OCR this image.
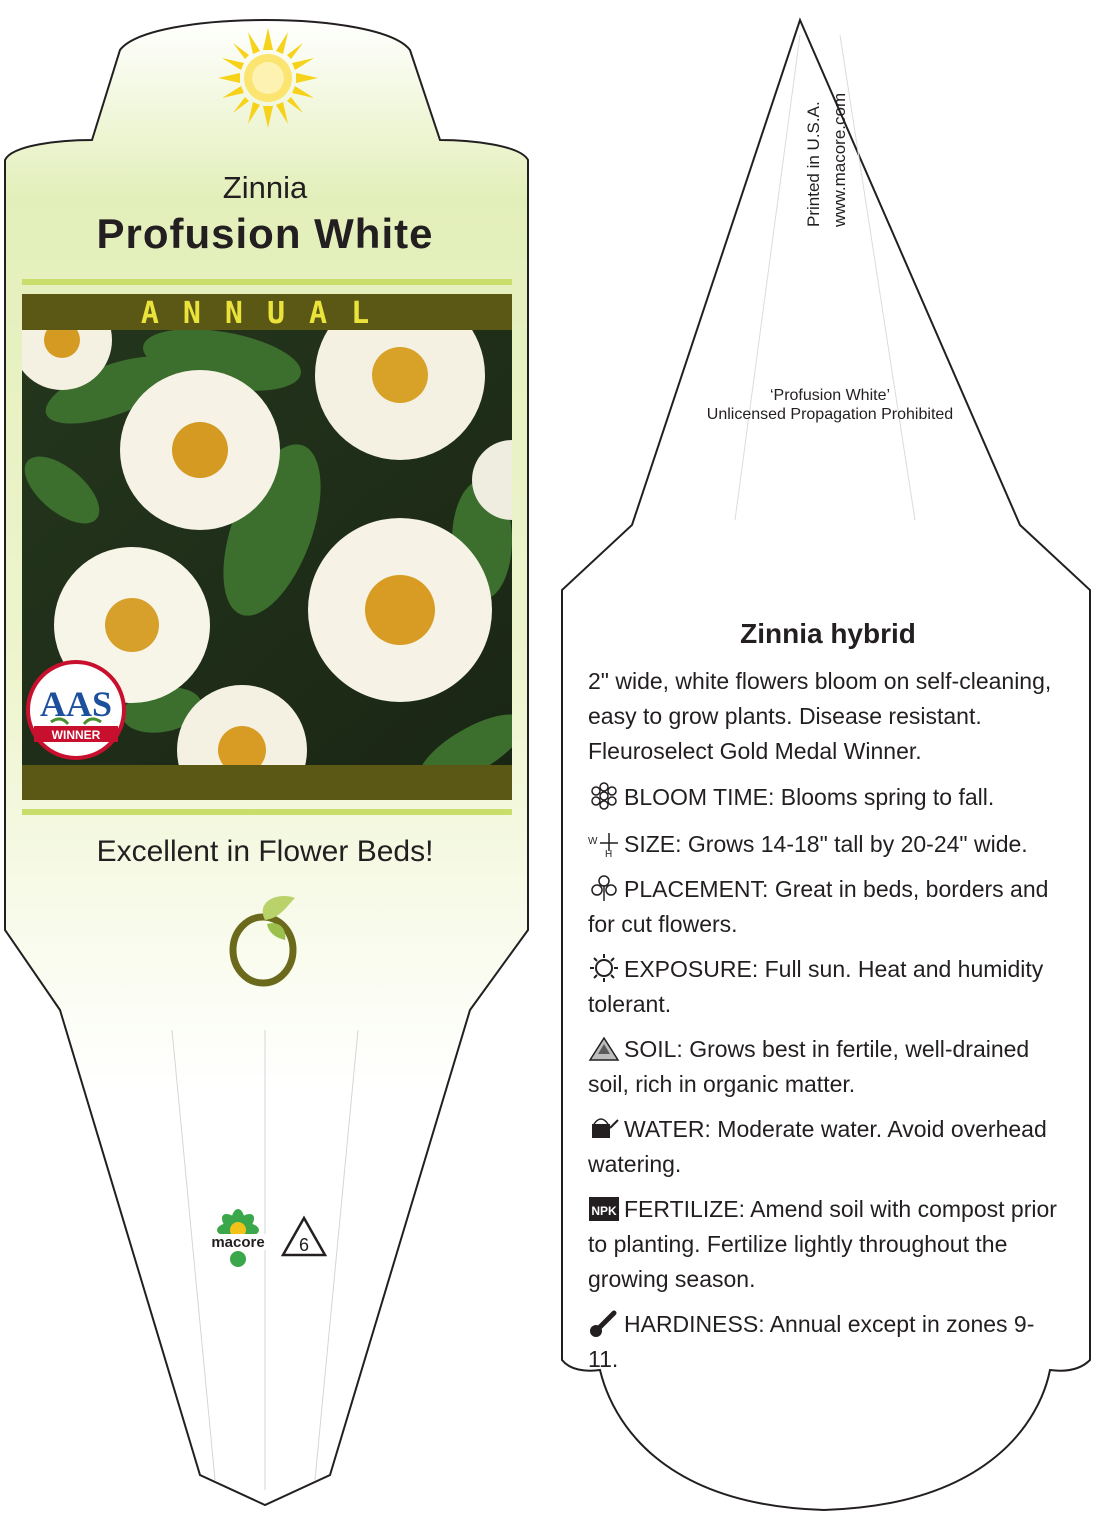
Zinnia
Profusion White
ANNUAL
AAS
WINNER
Excellent in Flower Beds!
macore 6
Printed in U.S.A. www.macore.com
‘Profusion White’
Unlicensed Propagation Prohibited
Zinnia hybrid
2" wide, white flowers bloom on self-cleaning, easy to grow plants. Disease resistant. Fleuroselect Gold Medal Winner.
BLOOM TIME: Blooms spring to fall.
W
H SIZE: Grows 14-18" tall by 20-24" wide.
PLACEMENT: Great in beds, borders and for cut flowers.
EXPOSURE: Full sun. Heat and humidity tolerant.
SOIL: Grows best in fertile, well-drained soil, rich in organic matter.
WATER: Moderate water. Avoid overhead watering.
NPK FERTILIZE: Amend soil with compost prior to planting. Fertilize lightly throughout the growing season.
HARDINESS: Annual except in zones 9-11.
